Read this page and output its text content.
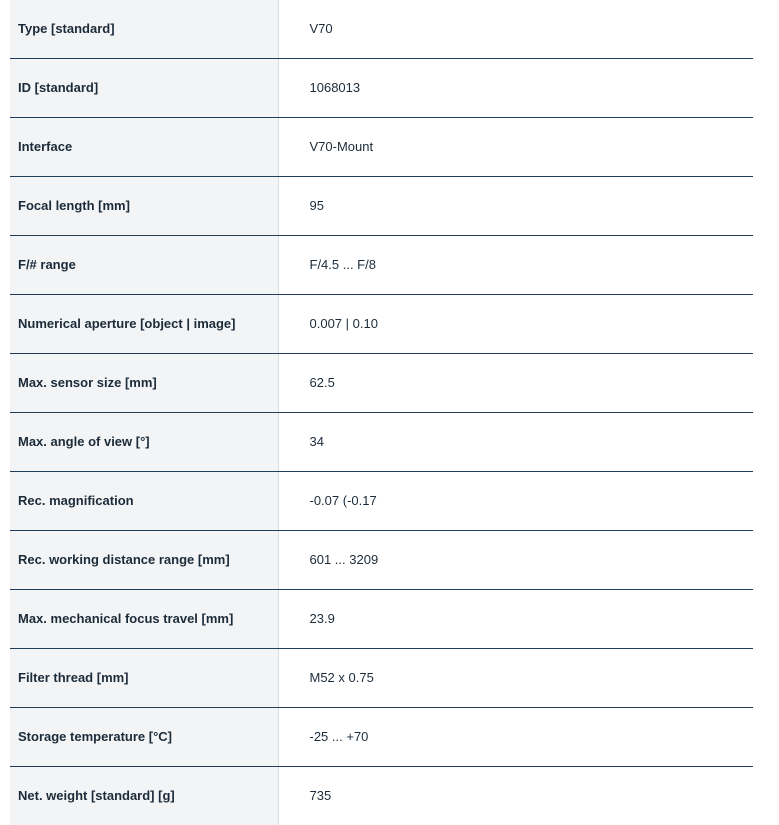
Type [standard]	V70
ID [standard]	1068013
Interface	V70-Mount
Focal length [mm]	95
F/# range	F/4.5 ... F/8
Numerical aperture [object | image]	0.007 | 0.10
Max. sensor size [mm]	62.5
Max. angle of view [°]	34
Rec. magnification	-0.07 (-0.17
Rec. working distance range [mm]	601 ... 3209
Max. mechanical focus travel [mm]	23.9
Filter thread [mm]	M52 x 0.75
Storage temperature [°C]	-25 ... +70
Net. weight [standard] [g]	735
